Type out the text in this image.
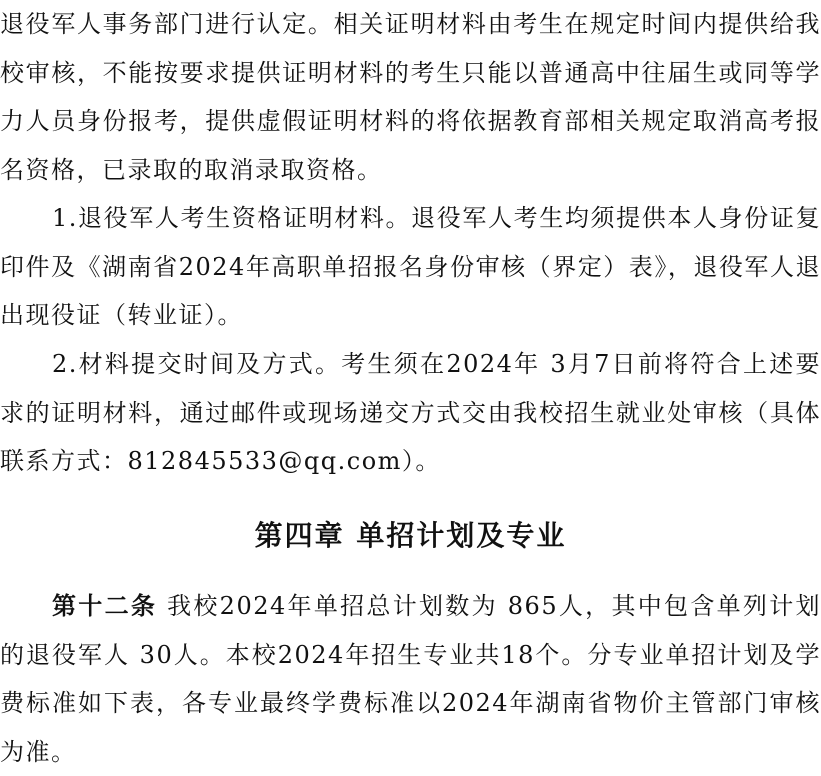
退役军人事务部门进行认定。相关证明材料由考生在规定时间内提供给我校审核，不能按要求提供证明材料的考生只能以普通高中往届生或同等学力人员身份报考，提供虚假证明材料的将依据教育部相关规定取消高考报名资格，已录取的取消录取资格。

1.退役军人考生资格证明材料。退役军人考生均须提供本人身份证复印件及《湖南省2024年高职单招报名身份审核（界定）表》，退役军人退出现役证（转业证）。

2.材料提交时间及方式。考生须在2024年 3月7日前将符合上述要求的证明材料，通过邮件或现场递交方式交由我校招生就业处审核（具体联系方式：812845533@qq.com）。

第四章 单招计划及专业

第十二条 我校2024年单招总计划数为 865人，其中包含单列计划的退役军人 30人。本校2024年招生专业共18个。分专业单招计划及学费标准如下表，各专业最终学费标准以2024年湖南省物价主管部门审核为准。
